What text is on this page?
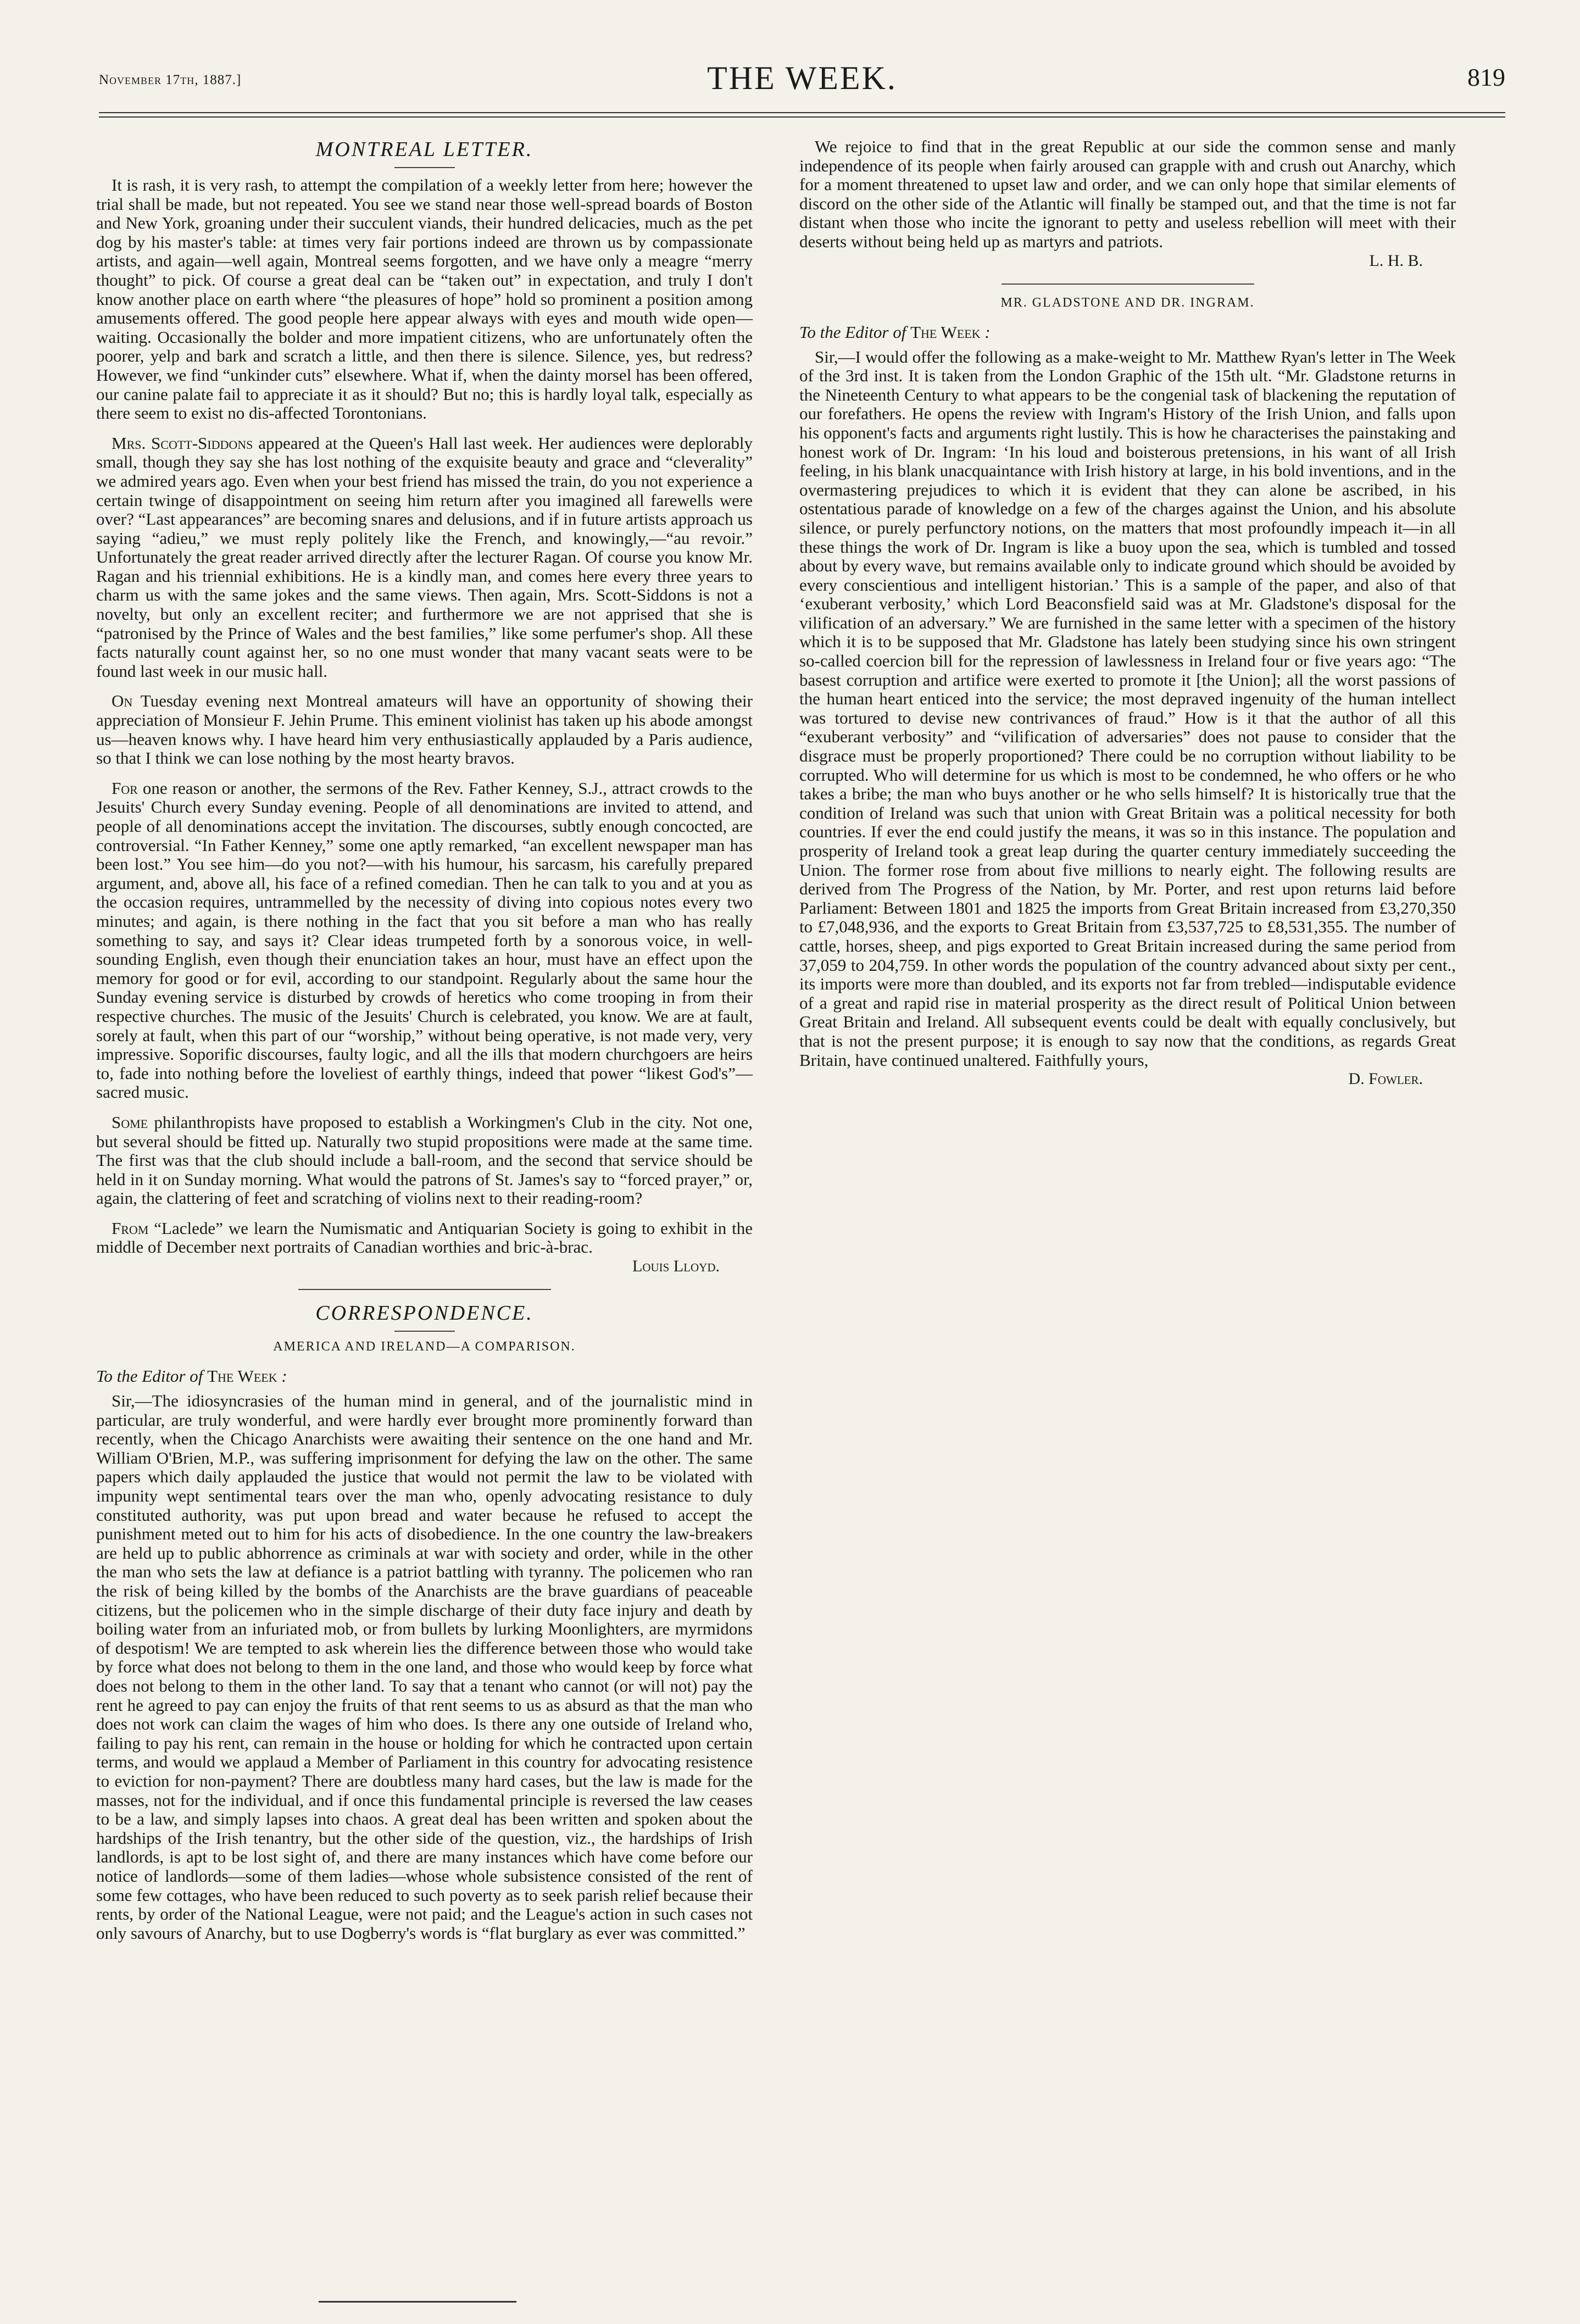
November 17th, 1887.]	THE WEEK.	819
MONTREAL LETTER.

It is rash, it is very rash, to attempt the compilation of a weekly letter from here; however the trial shall be made, but not repeated. You see we stand near those well-spread boards of Boston and New York, groaning under their succulent viands, their hundred delicacies, much as the pet dog by his master's table: at times very fair portions indeed are thrown us by compassionate artists, and again—well again, Montreal seems forgotten, and we have only a meagre “merry thought” to pick. Of course a great deal can be “taken out” in expectation, and truly I don't know another place on earth where “the pleasures of hope” hold so prominent a position among amusements offered. The good people here appear always with eyes and mouth wide open—waiting. Occasionally the bolder and more impatient citizens, who are unfortunately often the poorer, yelp and bark and scratch a little, and then there is silence. Silence, yes, but redress? However, we find “unkinder cuts” elsewhere. What if, when the dainty morsel has been offered, our canine palate fail to appreciate it as it should? But no; this is hardly loyal talk, especially as there seem to exist no dis-affected Torontonians.

Mrs. Scott-Siddons appeared at the Queen's Hall last week. Her audiences were deplorably small, though they say she has lost nothing of the exquisite beauty and grace and “cleverality” we admired years ago. Even when your best friend has missed the train, do you not experience a certain twinge of disappointment on seeing him return after you imagined all farewells were over? “Last appearances” are becoming snares and delusions, and if in future artists approach us saying “adieu,” we must reply politely like the French, and knowingly,—“au revoir.” Unfortunately the great reader arrived directly after the lecturer Ragan. Of course you know Mr. Ragan and his triennial exhibitions. He is a kindly man, and comes here every three years to charm us with the same jokes and the same views. Then again, Mrs. Scott-Siddons is not a novelty, but only an excellent reciter; and furthermore we are not apprised that she is “patronised by the Prince of Wales and the best families,” like some perfumer's shop. All these facts naturally count against her, so no one must wonder that many vacant seats were to be found last week in our music hall.

On Tuesday evening next Montreal amateurs will have an opportunity of showing their appreciation of Monsieur F. Jehin Prume. This eminent violinist has taken up his abode amongst us—heaven knows why. I have heard him very enthusiastically applauded by a Paris audience, so that I think we can lose nothing by the most hearty bravos.

For one reason or another, the sermons of the Rev. Father Kenney, S.J., attract crowds to the Jesuits' Church every Sunday evening. People of all denominations are invited to attend, and people of all denominations accept the invitation. The discourses, subtly enough concocted, are controversial. “In Father Kenney,” some one aptly remarked, “an excellent newspaper man has been lost.” You see him—do you not?—with his humour, his sarcasm, his carefully prepared argument, and, above all, his face of a refined comedian. Then he can talk to you and at you as the occasion requires, untrammelled by the necessity of diving into copious notes every two minutes; and again, is there nothing in the fact that you sit before a man who has really something to say, and says it? Clear ideas trumpeted forth by a sonorous voice, in well-sounding English, even though their enunciation takes an hour, must have an effect upon the memory for good or for evil, according to our standpoint. Regularly about the same hour the Sunday evening service is disturbed by crowds of heretics who come trooping in from their respective churches. The music of the Jesuits' Church is celebrated, you know. We are at fault, sorely at fault, when this part of our “worship,” without being operative, is not made very, very impressive. Soporific discourses, faulty logic, and all the ills that modern churchgoers are heirs to, fade into nothing before the loveliest of earthly things, indeed that power “likest God's”—sacred music.

Some philanthropists have proposed to establish a Workingmen's Club in the city. Not one, but several should be fitted up. Naturally two stupid propositions were made at the same time. The first was that the club should include a ball-room, and the second that service should be held in it on Sunday morning. What would the patrons of St. James's say to “forced prayer,” or, again, the clattering of feet and scratching of violins next to their reading-room?

From “Laclede” we learn the Numismatic and Antiquarian Society is going to exhibit in the middle of December next portraits of Canadian worthies and bric-à-brac.

Louis Lloyd.
CORRESPONDENCE.
AMERICA AND IRELAND—A COMPARISON.
To the Editor of The Week :

Sir,—The idiosyncrasies of the human mind in general, and of the journalistic mind in particular, are truly wonderful, and were hardly ever brought more prominently forward than recently, when the Chicago Anarchists were awaiting their sentence on the one hand and Mr. William O'Brien, M.P., was suffering imprisonment for defying the law on the other. The same papers which daily applauded the justice that would not permit the law to be violated with impunity wept sentimental tears over the man who, openly advocating resistance to duly constituted authority, was put upon bread and water because he refused to accept the punishment meted out to him for his acts of disobedience. In the one country the law-breakers are held up to public abhorrence as criminals at war with society and order, while in the other the man who sets the law at defiance is a patriot battling with tyranny. The policemen who ran the risk of being killed by the bombs of the Anarchists are the brave guardians of peaceable citizens, but the policemen who in the simple discharge of their duty face injury and death by boiling water from an infuriated mob, or from bullets by lurking Moonlighters, are myrmidons of despotism! We are tempted to ask wherein lies the difference between those who would take by force what does not belong to them in the one land, and those who would keep by force what does not belong to them in the other land. To say that a tenant who cannot (or will not) pay the rent he agreed to pay can enjoy the fruits of that rent seems to us as absurd as that the man who does not work can claim the wages of him who does. Is there any one outside of Ireland who, failing to pay his rent, can remain in the house or holding for which he contracted upon certain terms, and would we applaud a Member of Parliament in this country for advocating resistence to eviction for non-payment? There are doubtless many hard cases, but the law is made for the masses, not for the individual, and if once this fundamental principle is reversed the law ceases to be a law, and simply lapses into chaos. A great deal has been written and spoken about the hardships of the Irish tenantry, but the other side of the question, viz., the hardships of Irish landlords, is apt to be lost sight of, and there are many instances which have come before our notice of landlords—some of them ladies—whose whole subsistence consisted of the rent of some few cottages, who have been reduced to such poverty as to seek parish relief because their rents, by order of the National League, were not paid; and the League's action in such cases not only savours of Anarchy, but to use Dogberry's words is “flat burglary as ever was committed.”

We rejoice to find that in the great Republic at our side the common sense and manly independence of its people when fairly aroused can grapple with and crush out Anarchy, which for a moment threatened to upset law and order, and we can only hope that similar elements of discord on the other side of the Atlantic will finally be stamped out, and that the time is not far distant when those who incite the ignorant to petty and useless rebellion will meet with their deserts without being held up as martyrs and patriots.

L. H. B.
MR. GLADSTONE AND DR. INGRAM.
To the Editor of The Week :

Sir,—I would offer the following as a make-weight to Mr. Matthew Ryan's letter in The Week of the 3rd inst. It is taken from the London Graphic of the 15th ult. “Mr. Gladstone returns in the Nineteenth Century to what appears to be the congenial task of blackening the reputation of our forefathers. He opens the review with Ingram's History of the Irish Union, and falls upon his opponent's facts and arguments right lustily. This is how he characterises the painstaking and honest work of Dr. Ingram: ‘In his loud and boisterous pretensions, in his want of all Irish feeling, in his blank unacquaintance with Irish history at large, in his bold inventions, and in the overmastering prejudices to which it is evident that they can alone be ascribed, in his ostentatious parade of knowledge on a few of the charges against the Union, and his absolute silence, or purely perfunctory notions, on the matters that most profoundly impeach it—in all these things the work of Dr. Ingram is like a buoy upon the sea, which is tumbled and tossed about by every wave, but remains available only to indicate ground which should be avoided by every conscientious and intelligent historian.’ This is a sample of the paper, and also of that ‘exuberant verbosity,’ which Lord Beaconsfield said was at Mr. Gladstone's disposal for the vilification of an adversary.” We are furnished in the same letter with a specimen of the history which it is to be supposed that Mr. Gladstone has lately been studying since his own stringent so-called coercion bill for the repression of lawlessness in Ireland four or five years ago: “The basest corruption and artifice were exerted to promote it [the Union]; all the worst passions of the human heart enticed into the service; the most depraved ingenuity of the human intellect was tortured to devise new contrivances of fraud.” How is it that the author of all this “exuberant verbosity” and “vilification of adversaries” does not pause to consider that the disgrace must be properly proportioned? There could be no corruption without liability to be corrupted. Who will determine for us which is most to be condemned, he who offers or he who takes a bribe; the man who buys another or he who sells himself? It is historically true that the condition of Ireland was such that union with Great Britain was a political necessity for both countries. If ever the end could justify the means, it was so in this instance. The population and prosperity of Ireland took a great leap during the quarter century immediately succeeding the Union. The former rose from about five millions to nearly eight. The following results are derived from The Progress of the Nation, by Mr. Porter, and rest upon returns laid before Parliament: Between 1801 and 1825 the imports from Great Britain increased from £3,270,350 to £7,048,936, and the exports to Great Britain from £3,537,725 to £8,531,355. The number of cattle, horses, sheep, and pigs exported to Great Britain increased during the same period from 37,059 to 204,759. In other words the population of the country advanced about sixty per cent., its imports were more than doubled, and its exports not far from trebled—indisputable evidence of a great and rapid rise in material prosperity as the direct result of Political Union between Great Britain and Ireland. All subsequent events could be dealt with equally conclusively, but that is not the present purpose; it is enough to say now that the conditions, as regards Great Britain, have continued unaltered. Faithfully yours,

D. Fowler.
